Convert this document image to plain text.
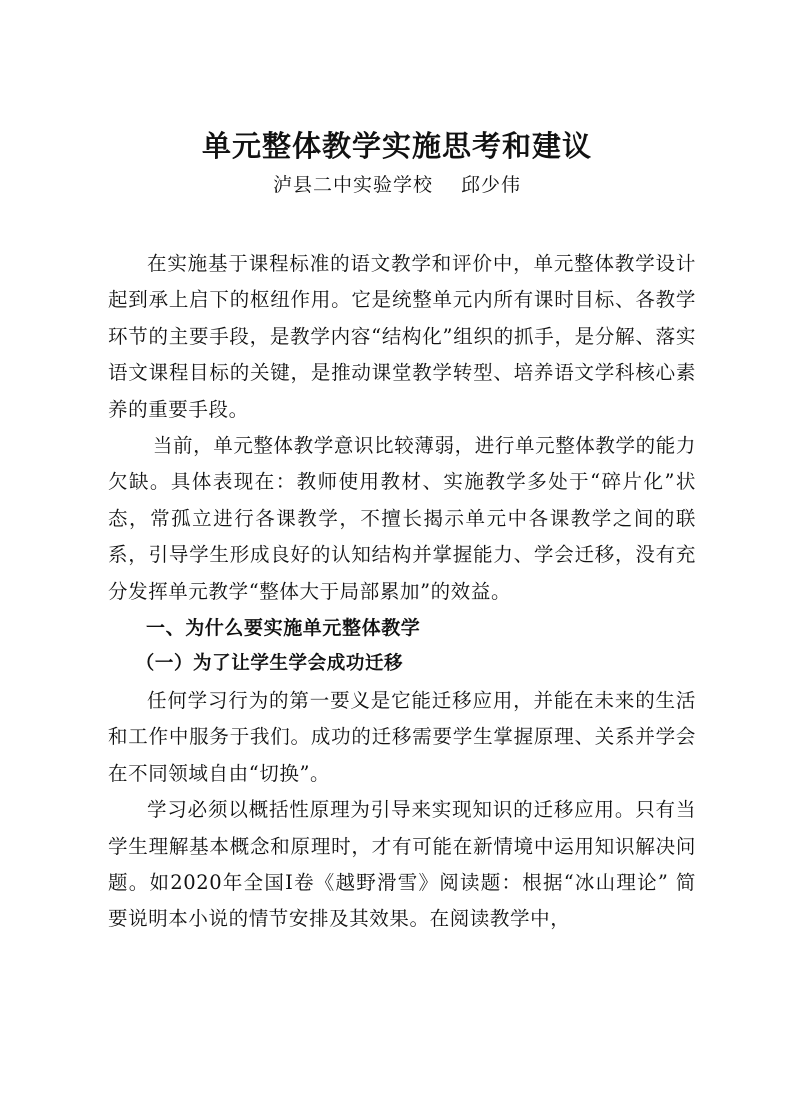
单元整体教学实施思考和建议
泸县二中实验学校 邱少伟

在实施基于课程标准的语文教学和评价中，单元整体教学设计起到承上启下的枢纽作用。它是统整单元内所有课时目标、各教学环节的主要手段，是教学内容“结构化”组织的抓手，是分解、落实语文课程目标的关键，是推动课堂教学转型、培养语文学科核心素养的重要手段。

当前，单元整体教学意识比较薄弱，进行单元整体教学的能力欠缺。具体表现在：教师使用教材、实施教学多处于“碎片化”状态，常孤立进行各课教学，不擅长揭示单元中各课教学之间的联系，引导学生形成良好的认知结构并掌握能力、学会迁移，没有充分发挥单元教学“整体大于局部累加”的效益。

一、为什么要实施单元整体教学

（一）为了让学生学会成功迁移

任何学习行为的第一要义是它能迁移应用，并能在未来的生活和工作中服务于我们。成功的迁移需要学生掌握原理、关系并学会在不同领域自由“切换”。

学习必须以概括性原理为引导来实现知识的迁移应用。只有当学生理解基本概念和原理时，才有可能在新情境中运用知识解决问题。如2020年全国Ⅰ卷《越野滑雪》阅读题：根据“冰山理论” 简要说明本小说的情节安排及其效果。在阅读教学中，
